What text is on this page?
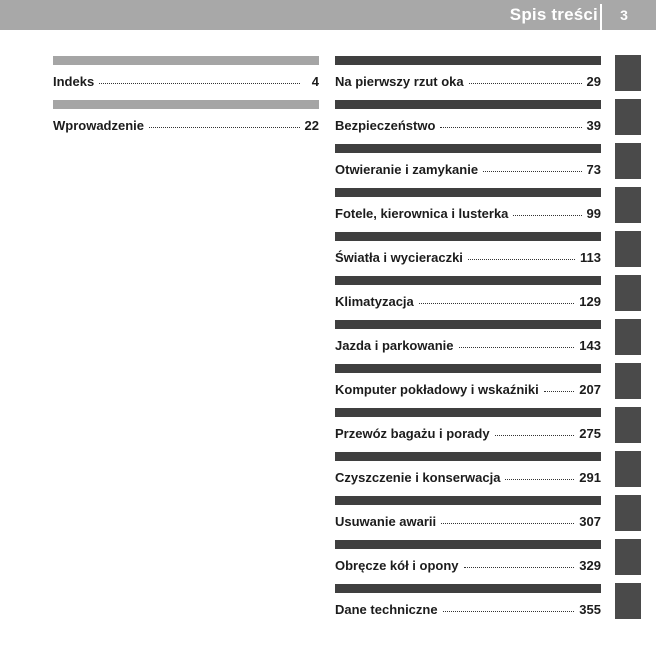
Spis treści	3
Indeks	4
Wprowadzenie	22
Na pierwszy rzut oka	29
Bezpieczeństwo	39
Otwieranie i zamykanie	73
Fotele, kierownica i lusterka	99
Światła i wycieraczki	113
Klimatyzacja	129
Jazda i parkowanie	143
Komputer pokładowy i wskaźniki	207
Przewóz bagażu i porady	275
Czyszczenie i konserwacja	291
Usuwanie awarii	307
Obręcze kół i opony	329
Dane techniczne	355
